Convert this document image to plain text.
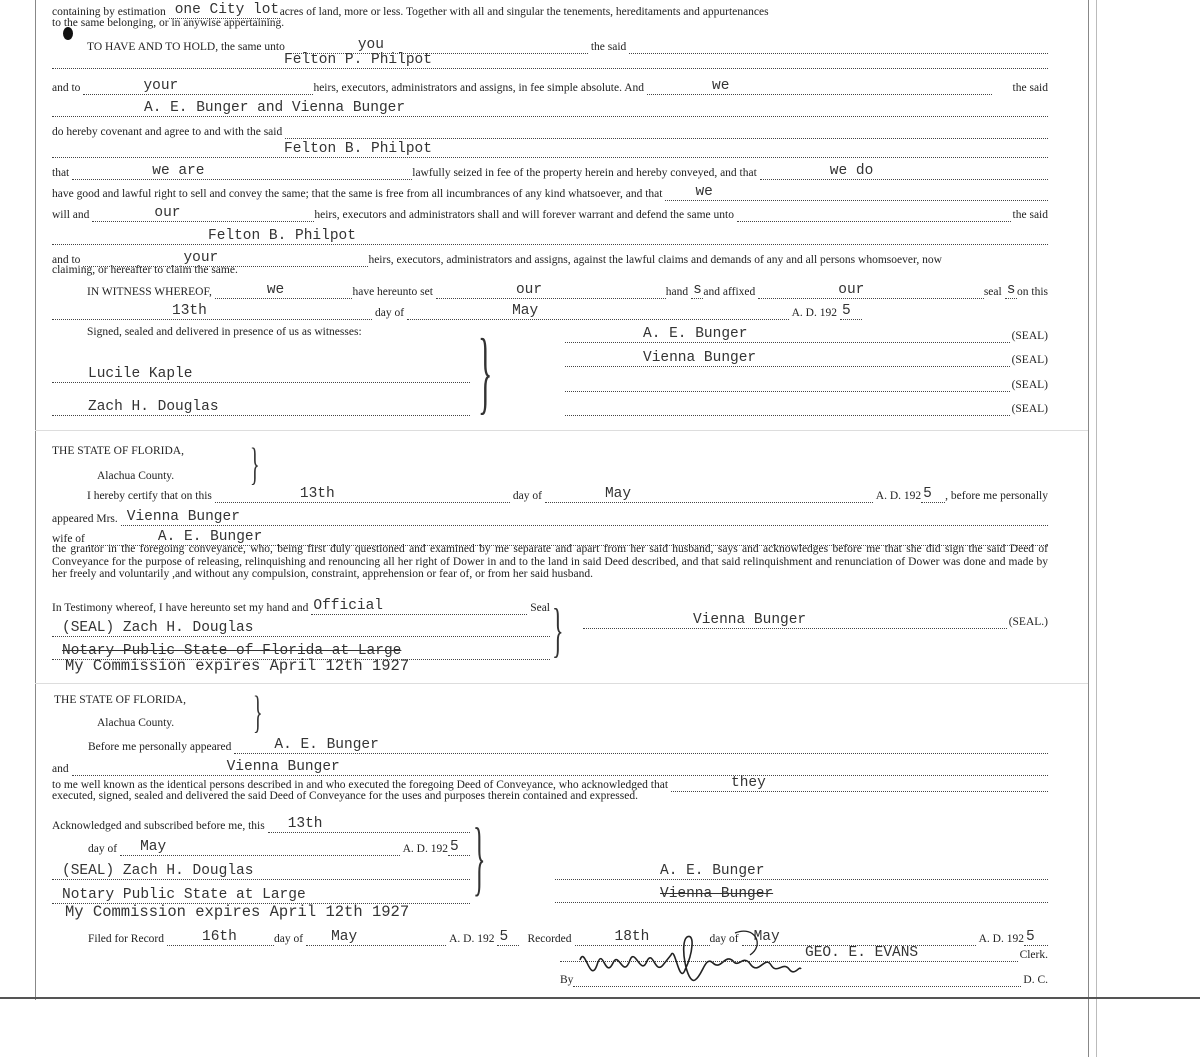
containing by estimation one City lot acres of land, more or less. Together with all and singular the tenements, hereditaments and appurtenances
to the same belonging, or in anywise appertaining.
TO HAVE AND TO HOLD, the same unto	you	the said
Felton P. Philpot
and to	your	heirs, executors, administrators and assigns, in fee simple absolute. And	we	the said
A. E. Bunger and Vienna Bunger
do hereby covenant and agree to and with the said
Felton B. Philpot
that	we are	lawfully seized in fee of the property herein and hereby conveyed, and that	we do
have good and lawful right to sell and convey the same; that the same is free from all incumbrances of any kind whatsoever, and that	we
will and	our	heirs, executors and administrators shall and will forever warrant and defend the same unto	the said
Felton B. Philpot
and to	your	heirs, executors, administrators and assigns, against the lawful claims and demands of any and all persons whomsoever, now
claiming, or hereafter to claim the same.
IN WITNESS WHEREOF,	we	have hereunto set	our	hand s and affixed	our	seal s on this
13th	day of	May	A. D. 192 5
Signed, sealed and delivered in presence of us as witnesses:
Lucile Kaple
Zach H. Douglas	}	A. E. Bunger	(SEAL)
Vienna Bunger	(SEAL)
(SEAL)
(SEAL)
THE STATE OF FLORIDA,
Alachua County.	}
I hereby certify that on this	13th	day of	May	A. D. 192 5	, before me personally
appeared Mrs. Vienna Bunger
wife of	A. E. Bunger
the grantor in the foregoing conveyance, who, being first duly questioned and examined by me separate and apart from her said husband, says and acknowledges before me that she did sign the said Deed of Conveyance for the purpose of releasing, relinquishing and renouncing all her right of Dower in and to the land in said Deed described, and that said relinquishment and renunciation of Dower was done and made by her freely and voluntarily ,and without any compulsion, constraint, apprehension or fear of, or from her said husband.
In Testimony whereof, I have hereunto set my hand and Official	Seal
(SEAL) Zach H. Douglas
Notary Public State of Florida at Large
My Commission expires April 12th 1927
}	Vienna Bunger	(SEAL.)
THE STATE OF FLORIDA,
Alachua County.	}
Before me personally appeared	A. E. Bunger
and	Vienna Bunger
to me well known as the identical persons described in and who executed the foregoing Deed of Conveyance, who acknowledged that	they
executed, signed, sealed and delivered the said Deed of Conveyance for the uses and purposes therein contained and expressed.
Acknowledged and subscribed before me, this	13th
day of	May	A. D. 192 5
(SEAL) Zach H. Douglas
Notary Public State at Large
My Commission expires April 12th 1927
}	A. E. Bunger
Vienna Bunger
Filed for Record	16th	day of	May	A. D. 192 5	Recorded	18th	day of	May	A. D. 192 5
GEO. E. EVANS	Clerk.
By	D. C.
